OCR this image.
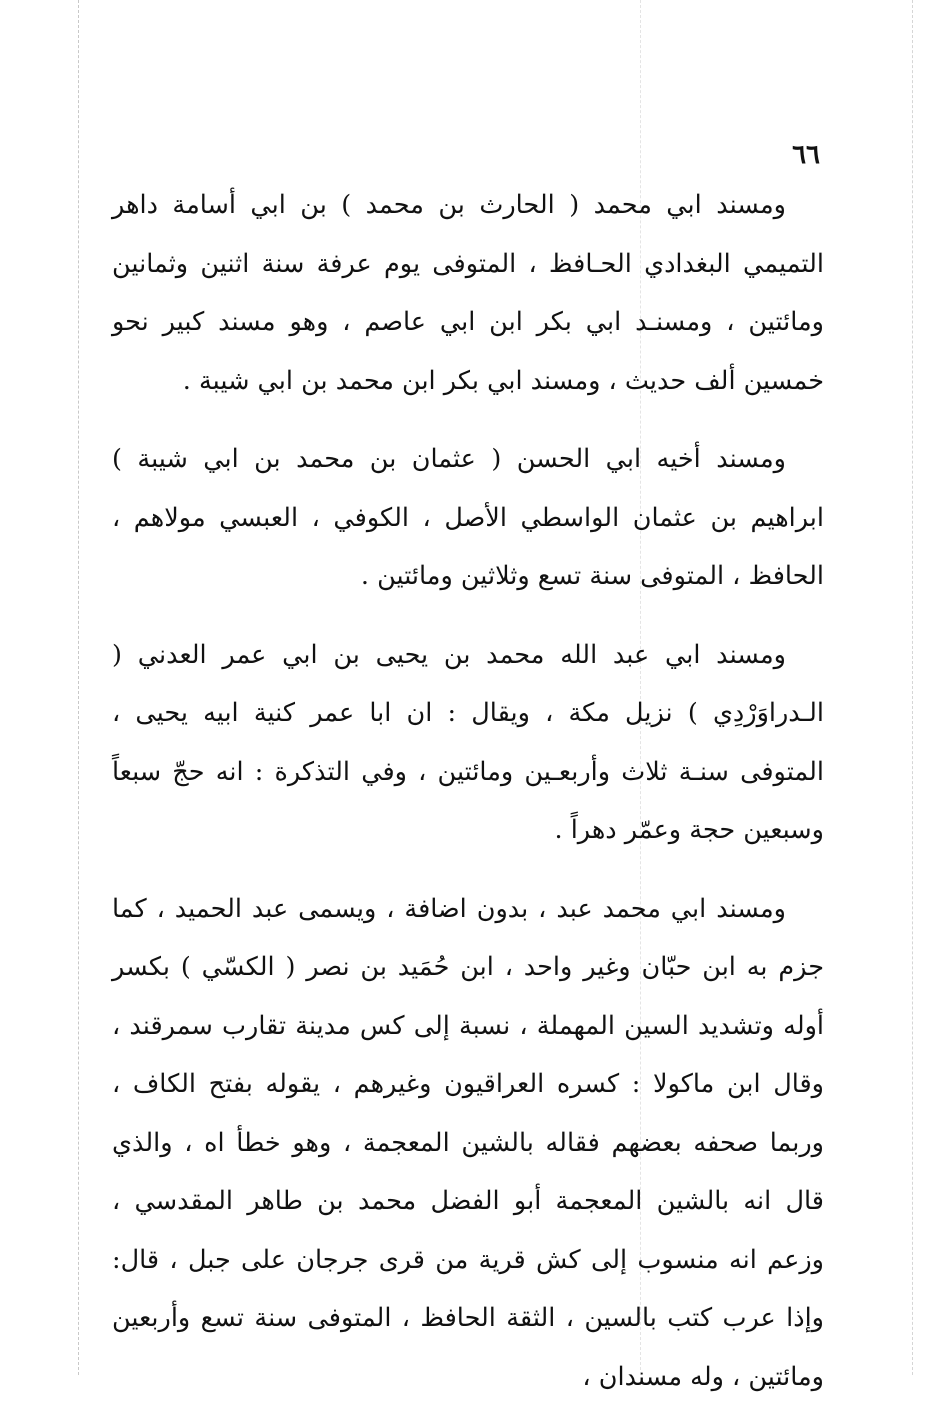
٦٦

ومسند ابي محمد ( الحارث بن محمد ) بن ابي أسامة داهر التميمي البغدادي الحـافظ ، المتوفى يوم عرفة سنة اثنين وثمانين ومائتين ، ومسنـد ابي بكر ابن ابي عاصم ، وهو مسند كبير نحو خمسين ألف حديث ، ومسند ابي بكر ابن محمد بن ابي شيبة .

ومسند أخيه ابي الحسن ( عثمان بن محمد بن ابي شيبة ) ابراهيم بن عثمان الواسطي الأصل ، الكوفي ، العبسي مولاهم ، الحافظ ، المتوفى سنة تسع وثلاثين ومائتين .

ومسند ابي عبد الله محمد بن يحيى بن ابي عمر العدني ( الـدراوَرْدِي ) نزيل مكة ، ويقال : ان ابا عمر كنية ابيه يحيى ، المتوفى سنـة ثلاث وأربعـين ومائتين ، وفي التذكرة : انه حجّ سبعاً وسبعين حجة وعمّر دهراً .

ومسند ابي محمد عبد ، بدون اضافة ، ويسمى عبد الحميد ، كما جزم به ابن حبّان وغير واحد ، ابن حُمَيد بن نصر ( الكسّي ) بكسر أوله وتشديد السين المهملة ، نسبة إلى كس مدينة تقارب سمرقند ، وقال ابن ماكولا : كسره العراقيون وغيرهم ، يقوله بفتح الكاف ، وربما صحفه بعضهم فقاله بالشين المعجمة ، وهو خطأ اه ، والذي قال انه بالشين المعجمة أبو الفضل محمد بن طاهر المقدسي ، وزعم انه منسوب إلى كش قرية من قرى جرجان على جبل ، قال: وإذا عرب كتب بالسين ، الثقة الحافظ ، المتوفى سنة تسع وأربعين ومائتين ، وله مسندان ،
